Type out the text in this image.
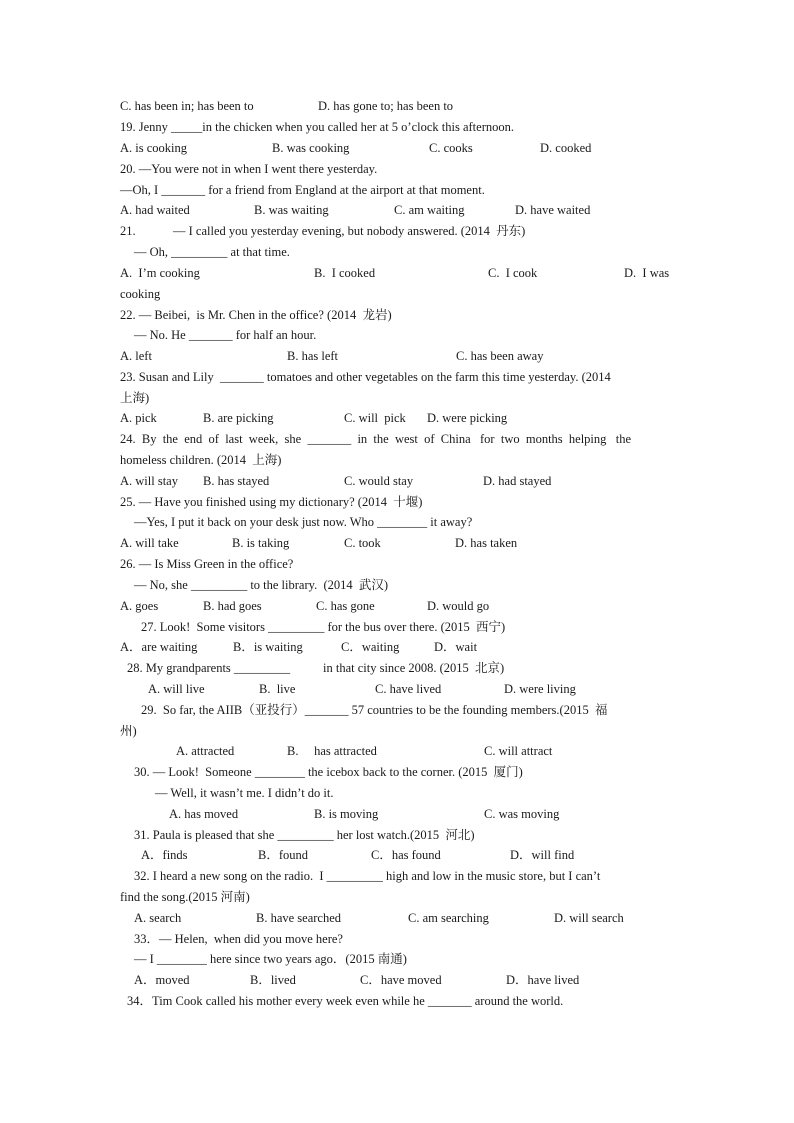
C. has been in; has been to	D. has gone to; has been to
19. Jenny _____in the chicken when you called her at 5 o’clock this afternoon.
A. is cooking	B. was cooking	C. cooks	D. cooked
20. —You were not in when I went there yesterday.
—Oh, I _______ for a friend from England at the airport at that moment.
A. had waited	B. was waiting	C. am waiting	D. have waited
21.	— I called you yesterday evening, but nobody answered. (2014  丹东)
— Oh, _________ at that time.
A.  I’m cooking	B.  I cooked	C.  I cook	D.  I was
cooking
22. — Beibei,  is Mr. Chen in the office? (2014  龙岩)
— No. He _______ for half an hour.
A. left	B. has left	C. has been away
23. Susan and Lily  _______ tomatoes and other vegetables on the farm this time yesterday. (2014
上海)
A. pick	B. are picking	C. will  pick D. were picking
24.  By  the  end  of  last  week,  she  _______  in  the  west  of  China   for  two  months  helping   the
homeless children. (2014  上海)
A. will stay B. has stayed	C. would stay	D. had stayed
25. — Have you finished using my dictionary? (2014  十堰)
—Yes, I put it back on your desk just now. Who ________ it away?
A. will take	B. is taking	C. took	D. has taken
26. — Is Miss Green in the office?
— No, she _________ to the library.  (2014  武汉)
A. goes	B. had goes	C. has gone	D. would go
27. Look!  Some visitors _________ for the bus over there. (2015  西宁)
A．are waiting	B．is waiting	C．waiting	D．wait
28. My grandparents _________	in that city since 2008. (2015  北京)
A. will live	B.  live	C. have lived	D. were living
29.  So far, the AIIB（亚投行）_______ 57 countries to be the founding members.(2015  福
州)
A. attracted	B.     has attracted	C. will attract
30. — Look!  Someone ________ the icebox back to the corner. (2015  厦门)
— Well, it wasn’t me. I didn’t do it.
A. has moved	B. is moving	C. was moving
31. Paula is pleased that she _________ her lost watch.(2015  河北)
A．finds	B．found	C．has found	D．will find
32. I heard a new song on the radio.  I _________ high and low in the music store, but I can’t
find the song.(2015 河南)
A. search	B. have searched	C. am searching	D. will search
33．— Helen,  when did you move here?
— I ________ here since two years ago．(2015 南通)
A．moved	B．lived	C．have moved	D．have lived
34．Tim Cook called his mother every week even while he _______ around the world.
